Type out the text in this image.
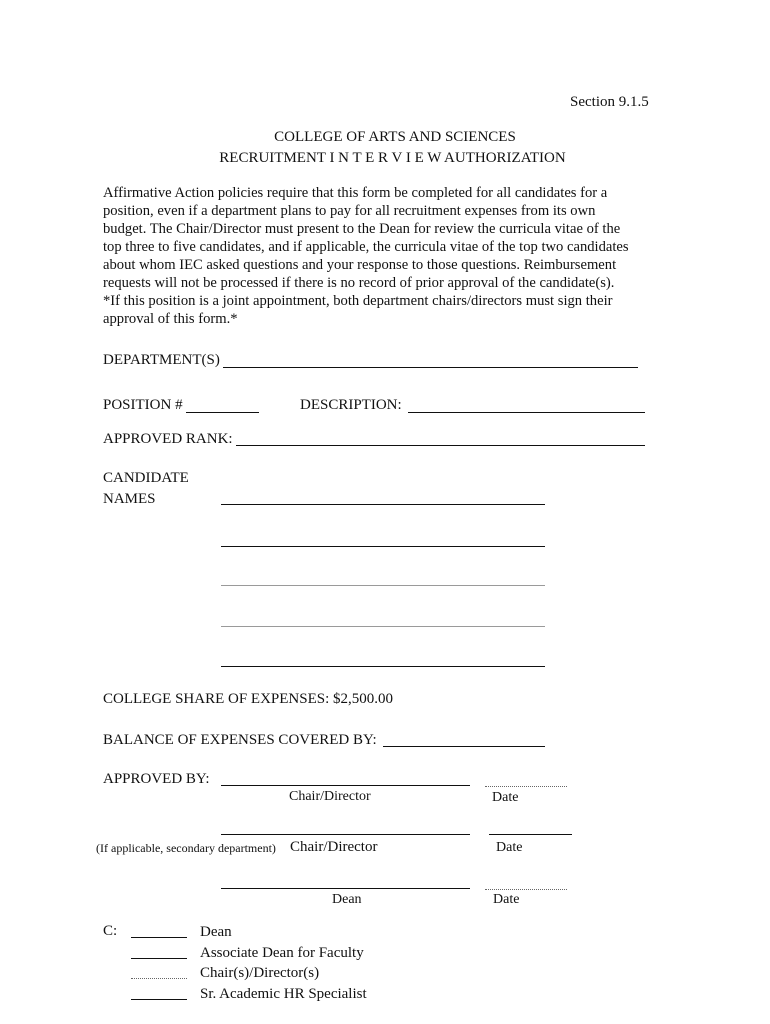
Section 9.1.5
COLLEGE OF ARTS AND SCIENCES
RECRUITMENT I N T E R V I E W AUTHORIZATION
Affirmative Action policies require that this form be completed for all candidates for a
position, even if a department plans to pay for all recruitment expenses from its own
budget. The Chair/Director must present to the Dean for review the curricula vitae of the
top three to five candidates, and if applicable, the curricula vitae of the top two candidates
about whom IEC asked questions and your response to those questions. Reimbursement
requests will not be processed if there is no record of prior approval of the candidate(s).
*If this position is a joint appointment, both department chairs/directors must sign their
approval of this form.*
DEPARTMENT(S)
POSITION #	DESCRIPTION:
APPROVED RANK:
CANDIDATE
NAMES
COLLEGE SHARE OF EXPENSES: $2,500.00
BALANCE OF EXPENSES COVERED BY:
APPROVED BY:
Chair/Director	Date
(If applicable, secondary department) Chair/Director	Date
Dean	Date
C:	Dean
Associate Dean for Faculty
Chair(s)/Director(s)
Sr. Academic HR Specialist
